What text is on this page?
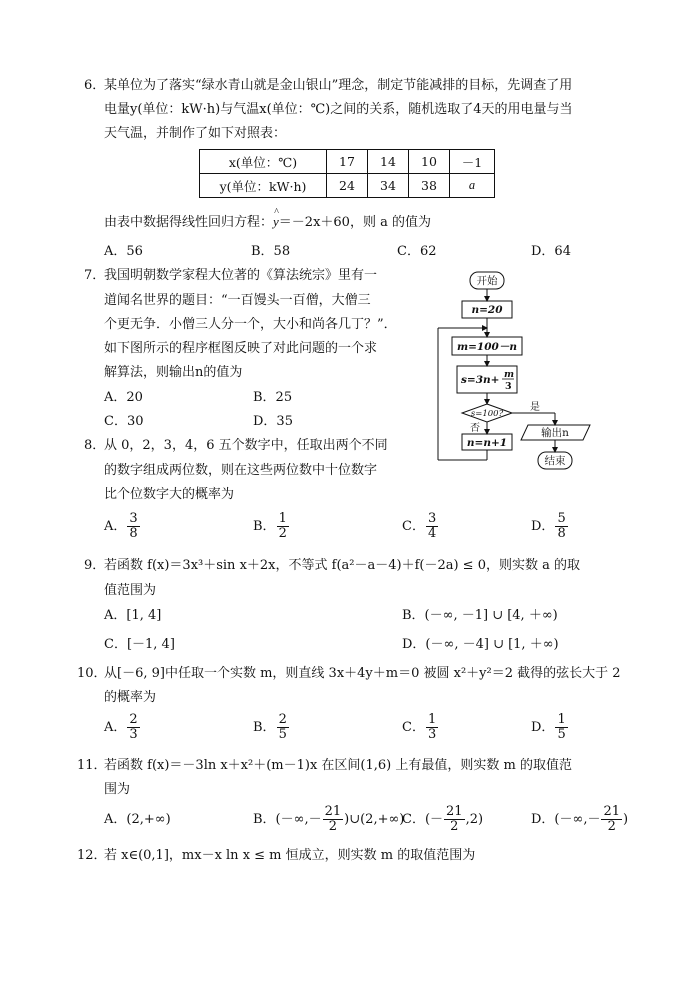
6．
某单位为了落实“绿水青山就是金山银山”理念，制定节能减排的目标，先调查了用
电量y(单位：kW·h)与气温x(单位：℃)之间的关系，随机选取了4天的用电量与当
天气温，并制作了如下对照表：
x(单位：℃)	17	14	10	－1
y(单位：kW·h)	24	34	38	a
由表中数据得线性回归方程：^ y＝－2x＋60，则 a 的值为
A．56	B．58	C．62	D．64
7．
我国明朝数学家程大位著的《算法统宗》里有一
道闻名世界的题目：“一百馒头一百僧，大僧三
个更无争．小僧三人分一个，大小和尚各几丁？”．
如下图所示的程序框图反映了对此问题的一个求
解算法，则输出n的值为
A．20	B．25
C．30	D．35
开始
n=20
m=100－n
s=3n+ m
3
s=100?
是
否
n=n+1
输出n
结束
8．
从 0，2，3，4，6 五个数字中，任取出两个不同
的数字组成两位数，则在这些两位数中十位数字
比个位数字大的概率为
A． $\frac{3}{8}$	B． $\frac{1}{2}$	C． $\frac{3}{4}$	D． $\frac{5}{8}$
9．
若函数 f(x)＝3x³＋sin x＋2x，不等式 f(a²－a－4)＋f(－2a) ≤ 0，则实数 a 的取
值范围为
A．[1, 4]	B．(－∞, －1] ∪ [4, ＋∞)
C．[－1, 4]	D．(－∞, －4] ∪ [1, ＋∞)
10．
从[－6, 9]中任取一个实数 m，则直线 3x＋4y＋m＝0 被圆 x²＋y²＝2 截得的弦长大于 2
的概率为
A． $\frac{2}{3}$	B． $\frac{2}{5}$	C． $\frac{1}{3}$	D． $\frac{1}{5}$
11．
若函数 f(x)＝－3ln x＋x²＋(m－1)x 在区间(1,6) 上有最值，则实数 m 的取值范
围为
A．(2,+∞)	B．(－∞,－ $\frac{21}{2}$ )∪(2,+∞)
C．(－ $\frac{21}{2} ,2$)	D．(－∞,－ $\frac{21}{2}$ )
12．
若 x∈(0,1]，mx－x ln x ≤ m 恒成立，则实数 m 的取值范围为
